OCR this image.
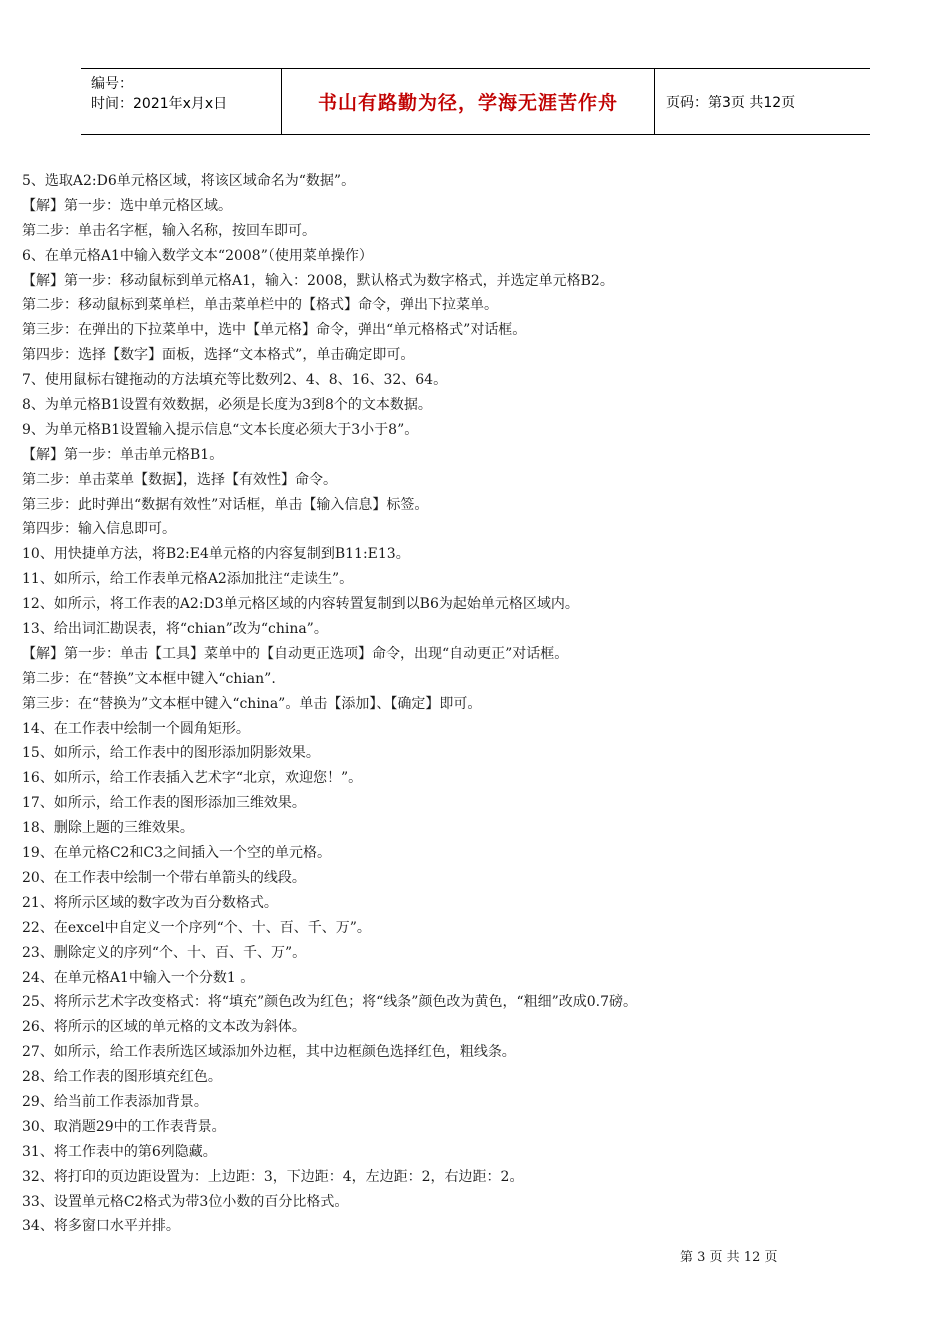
编号：
时间：2021年x月x日	书山有路勤为径，学海无涯苦作舟	页码：第3页 共12页
5、选取A2:D6单元格区域，将该区域命名为“数据”。
【解】第一步：选中单元格区域。
第二步：单击名字框，输入名称，按回车即可。
6、在单元格A1中输入数学文本“2008”（使用菜单操作）
【解】第一步：移动鼠标到单元格A1，输入：2008，默认格式为数字格式，并选定单元格B2。
第二步：移动鼠标到菜单栏，单击菜单栏中的【格式】命令，弹出下拉菜单。
第三步：在弹出的下拉菜单中，选中【单元格】命令，弹出“单元格格式”对话框。
第四步：选择【数字】面板，选择“文本格式”，单击确定即可。
7、使用鼠标右键拖动的方法填充等比数列2、4、8、16、32、64。
8、为单元格B1设置有效数据，必须是长度为3到8个的文本数据。
9、为单元格B1设置输入提示信息“文本长度必须大于3小于8”。
【解】第一步：单击单元格B1。
第二步：单击菜单【数据】，选择【有效性】命令。
第三步：此时弹出“数据有效性”对话框，单击【输入信息】标签。
第四步：输入信息即可。
10、用快捷单方法，将B2:E4单元格的内容复制到B11:E13。
11、如所示，给工作表单元格A2添加批注“走读生”。
12、如所示，将工作表的A2:D3单元格区域的内容转置复制到以B6为起始单元格区域内。
13、给出词汇勘误表，将“chian”改为“china”。
【解】第一步：单击【工具】菜单中的【自动更正选项】命令，出现“自动更正”对话框。
第二步：在“替换”文本框中键入“chian”.
第三步：在“替换为”文本框中键入“china”。单击【添加】、【确定】即可。
14、在工作表中绘制一个圆角矩形。
15、如所示，给工作表中的图形添加阴影效果。
16、如所示，给工作表插入艺术字“北京，欢迎您！”。
17、如所示，给工作表的图形添加三维效果。
18、删除上题的三维效果。
19、在单元格C2和C3之间插入一个空的单元格。
20、在工作表中绘制一个带右单箭头的线段。
21、将所示区域的数字改为百分数格式。
22、在excel中自定义一个序列“个、十、百、千、万”。
23、删除定义的序列“个、十、百、千、万”。
24、在单元格A1中输入一个分数1 。
25、将所示艺术字改变格式：将“填充”颜色改为红色；将“线条”颜色改为黄色，“粗细”改成0.7磅。
26、将所示的区域的单元格的文本改为斜体。
27、如所示，给工作表所选区域添加外边框，其中边框颜色选择红色，粗线条。
28、给工作表的图形填充红色。
29、给当前工作表添加背景。
30、取消题29中的工作表背景。
31、将工作表中的第6列隐藏。
32、将打印的页边距设置为：上边距：3，下边距：4，左边距：2，右边距：2。
33、设置单元格C2格式为带3位小数的百分比格式。
34、将多窗口水平并排。
第 3 页 共 12 页
